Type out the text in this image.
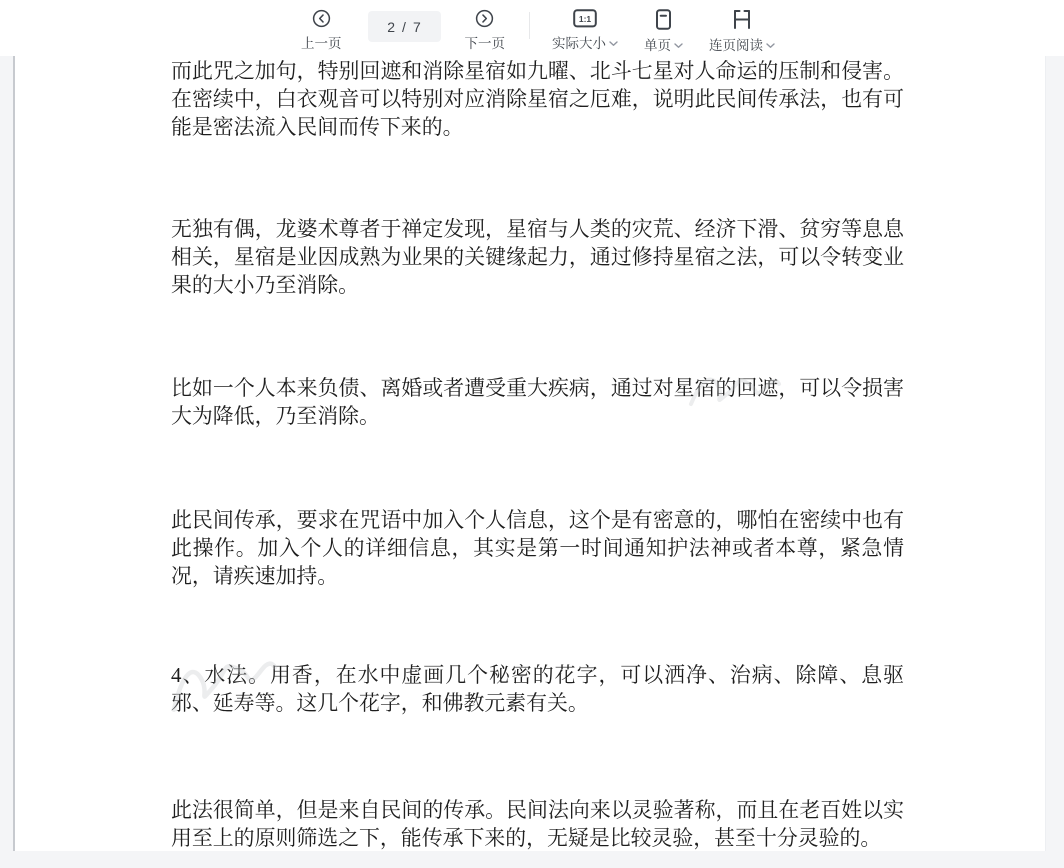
上一页
2 / 7
下一页
1:1
实际大小	单页	连页阅读

而此咒之加句，特别回遮和消除星宿如九曜、北斗七星对人命运的压制和侵害。在密续中，白衣观音可以特别对应消除星宿之厄难，说明此民间传承法，也有可能是密法流入民间而传下来的。

无独有偶，龙婆术尊者于禅定发现，星宿与人类的灾荒、经济下滑、贫穷等息息相关，星宿是业因成熟为业果的关键缘起力，通过修持星宿之法，可以令转变业果的大小乃至消除。

比如一个人本来负债、离婚或者遭受重大疾病，通过对星宿的回遮，可以令损害大为降低，乃至消除。

此民间传承，要求在咒语中加入个人信息，这个是有密意的，哪怕在密续中也有此操作。加入个人的详细信息，其实是第一时间通知护法神或者本尊，紧急情况，请疾速加持。

4、水法。用香，在水中虚画几个秘密的花字，可以洒净、治病、除障、息驱邪、延寿等。这几个花字，和佛教元素有关。

此法很简单，但是来自民间的传承。民间法向来以灵验著称，而且在老百姓以实用至上的原则筛选之下，能传承下来的，无疑是比较灵验，甚至十分灵验的。
